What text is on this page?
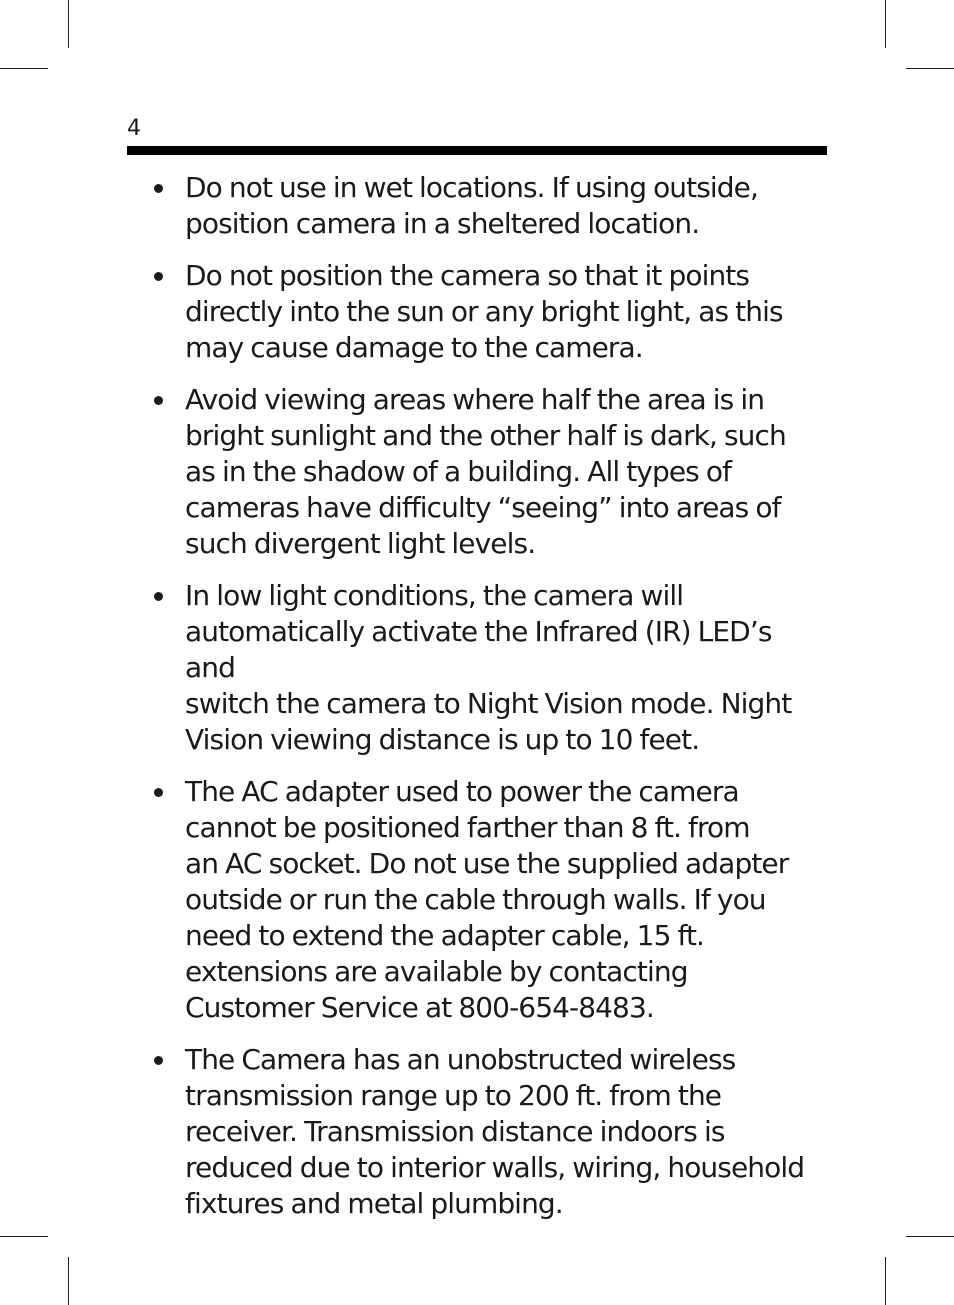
4
Do not use in wet locations. If using outside,
position camera in a sheltered location.
Do not position the camera so that it points
directly into the sun or any bright light, as this
may cause damage to the camera.
Avoid viewing areas where half the area is in
bright sunlight and the other half is dark, such
as in the shadow of a building. All types of
cameras have difficulty “seeing” into areas of
such divergent light levels.
In low light conditions, the camera will
automatically activate the Infrared (IR) LED’s and
switch the camera to Night Vision mode. Night
Vision viewing distance is up to 10 feet.
The AC adapter used to power the camera
cannot be positioned farther than 8 ft. from
an AC socket. Do not use the supplied adapter
outside or run the cable through walls. If you
need to extend the adapter cable, 15 ft.
extensions are available by contacting
Customer Service at 800-654-8483.
The Camera has an unobstructed wireless
transmission range up to 200 ft. from the
receiver. Transmission distance indoors is
reduced due to interior walls, wiring, household
fixtures and metal plumbing.
